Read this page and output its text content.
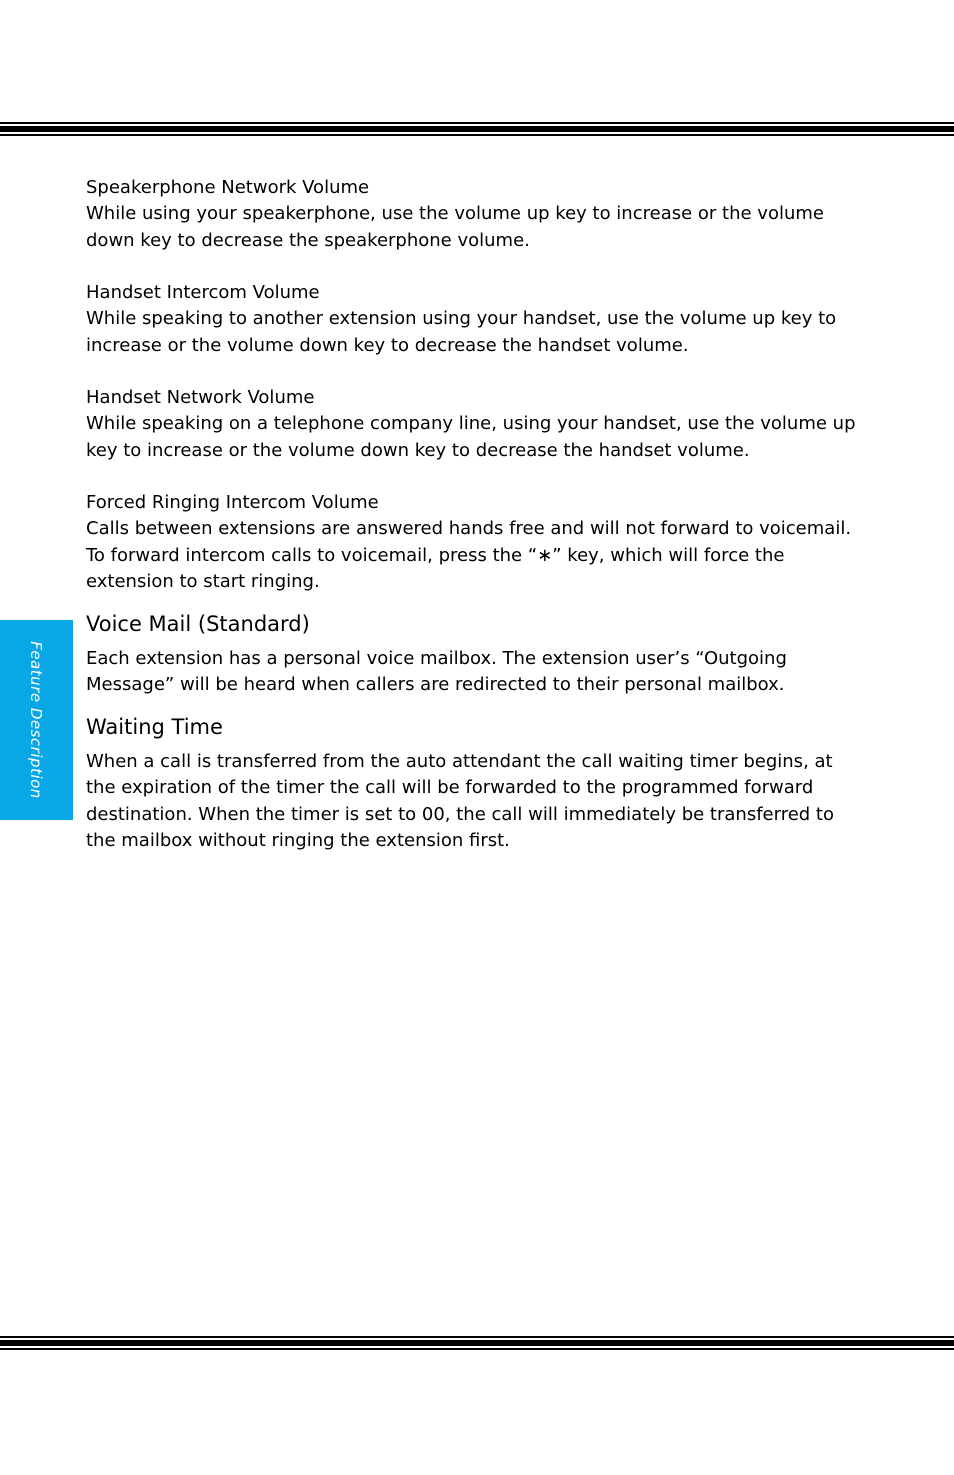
Feature Description

Speakerphone Network Volume

While using your speakerphone, use the volume up key to increase or the volume down key to decrease the speakerphone volume.

Handset Intercom Volume

While speaking to another extension using your handset, use the volume up key to increase or the volume down key to decrease the handset volume.

Handset Network Volume

While speaking on a telephone company line, using your handset, use the volume up key to increase or the volume down key to decrease the handset volume.

Forced Ringing Intercom Volume

Calls between extensions are answered hands free and will not forward to voicemail. To forward intercom calls to voicemail, press the “∗” key, which will force the extension to start ringing.

Voice Mail (Standard)

Each extension has a personal voice mailbox. The extension user’s “Outgoing Message” will be heard when callers are redirected to their personal mailbox.

Waiting Time

When a call is transferred from the auto attendant the call waiting timer begins, at the expiration of the timer the call will be forwarded to the programmed forward destination. When the timer is set to 00, the call will immediately be transferred to the mailbox without ringing the extension first.
